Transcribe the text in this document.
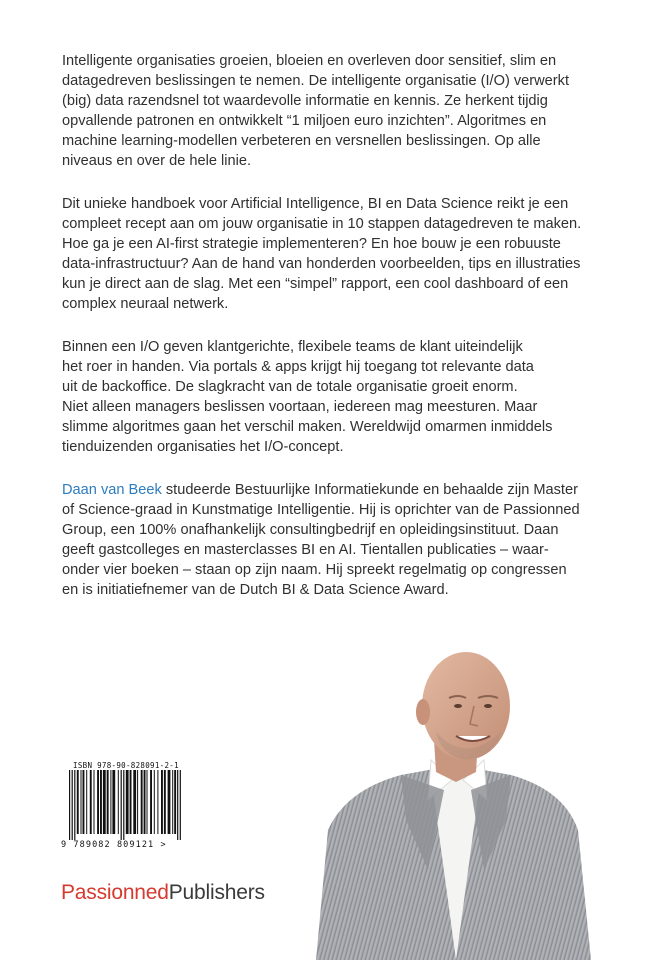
Intelligente organisaties groeien, bloeien en overleven door sensitief, slim en
datagedreven beslissingen te nemen. De intelligente organisatie (I/O) verwerkt
(big) data razendsnel tot waardevolle informatie en kennis. Ze herkent tijdig
opvallende patronen en ontwikkelt “1 miljoen euro inzichten”. Algoritmes en
machine learning-modellen verbeteren en versnellen beslissingen. Op alle
niveaus en over de hele linie.

Dit unieke handboek voor Artificial Intelligence, BI en Data Science reikt je een
compleet recept aan om jouw organisatie in 10 stappen datagedreven te maken.
Hoe ga je een AI-first strategie implementeren? En hoe bouw je een robuuste
data-infrastructuur? Aan de hand van honderden voorbeelden, tips en illustraties
kun je direct aan de slag. Met een “simpel” rapport, een cool dashboard of een
complex neuraal netwerk.

Binnen een I/O geven klantgerichte, flexibele teams de klant uiteindelijk
het roer in handen. Via portals & apps krijgt hij toegang tot relevante data
uit de backoffice. De slagkracht van de totale organisatie groeit enorm.
Niet alleen managers beslissen voortaan, iedereen mag meesturen. Maar
slimme algoritmes gaan het verschil maken. Wereldwijd omarmen inmiddels
tienduizenden organisaties het I/O-concept.

Daan van Beek studeerde Bestuurlijke Informatiekunde en behaalde zijn Master
of Science-graad in Kunstmatige Intelligentie. Hij is oprichter van de Passionned
Group, een 100% onafhankelijk consultingbedrijf en opleidingsinstituut. Daan
geeft gastcolleges en masterclasses BI en AI. Tientallen publicaties – waar-
onder vier boeken – staan op zijn naam. Hij spreekt regelmatig op congressen
en is initiatiefnemer van de Dutch BI & Data Science Award.

ISBN 978-90-828091-2-1
9 789082 809121 >
PassionnedPublishers
